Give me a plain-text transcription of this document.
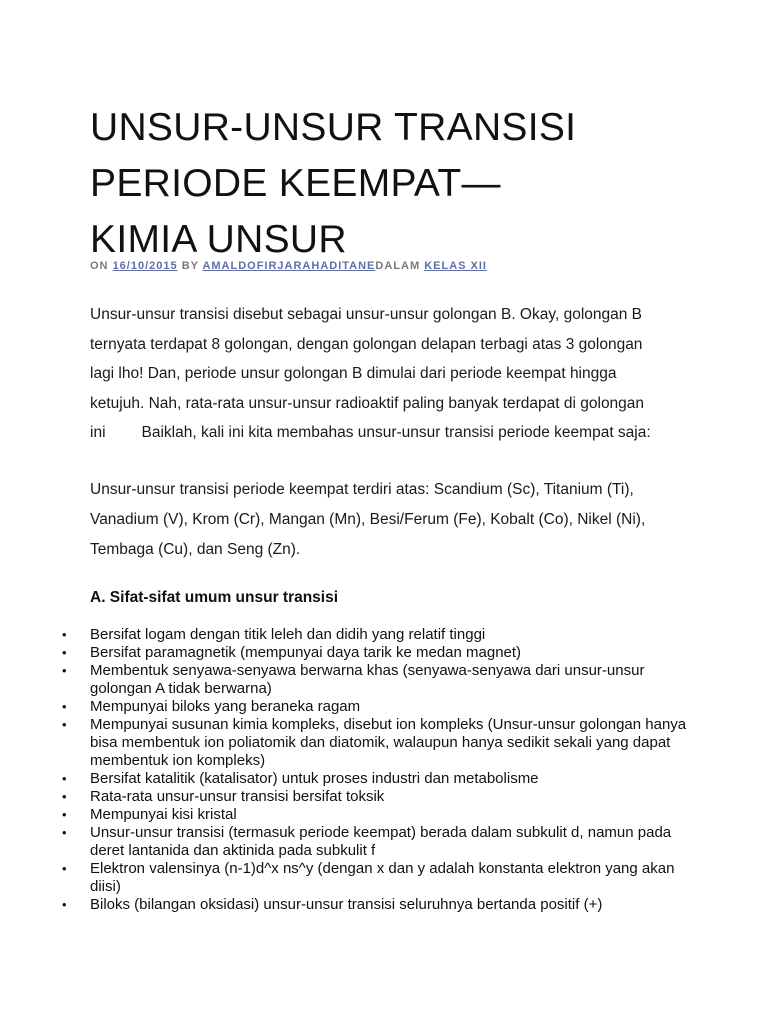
UNSUR-UNSUR TRANSISI
PERIODE KEEMPAT—
KIMIA UNSUR
ON 16/10/2015 BY AMALDOFIRJARAHADITANEDALAM KELAS XII

Unsur-unsur transisi disebut sebagai unsur-unsur golongan B. Okay, golongan B
ternyata terdapat 8 golongan, dengan golongan delapan terbagi atas 3 golongan
lagi lho! Dan, periode unsur golongan B dimulai dari periode keempat hingga
ketujuh. Nah, rata-rata unsur-unsur radioaktif paling banyak terdapat di golongan

ini Baiklah, kali ini kita membahas unsur-unsur transisi periode keempat saja:

Unsur-unsur transisi periode keempat terdiri atas: Scandium (Sc), Titanium (Ti),
Vanadium (V), Krom (Cr), Mangan (Mn), Besi/Ferum (Fe), Kobalt (Co), Nikel (Ni),
Tembaga (Cu), dan Seng (Zn).

A. Sifat-sifat umum unsur transisi
•	Bersifat logam dengan titik leleh dan didih yang relatif tinggi
•	Bersifat paramagnetik (mempunyai daya tarik ke medan magnet)
•	Membentuk senyawa-senyawa berwarna khas (senyawa-senyawa dari unsur-unsur golongan A tidak berwarna)
•	Mempunyai biloks yang beraneka ragam
•	Mempunyai susunan kimia kompleks, disebut ion kompleks (Unsur-unsur golongan hanya bisa membentuk ion poliatomik dan diatomik, walaupun hanya sedikit sekali yang dapat membentuk ion kompleks)
•	Bersifat katalitik (katalisator) untuk proses industri dan metabolisme
•	Rata-rata unsur-unsur transisi bersifat toksik
•	Mempunyai kisi kristal
•	Unsur-unsur transisi (termasuk periode keempat) berada dalam subkulit d, namun pada deret lantanida dan aktinida pada subkulit f
•	Elektron valensinya (n-1)d^x ns^y (dengan x dan y adalah konstanta elektron yang akan diisi)
•	Biloks (bilangan oksidasi) unsur-unsur transisi seluruhnya bertanda positif (+)
